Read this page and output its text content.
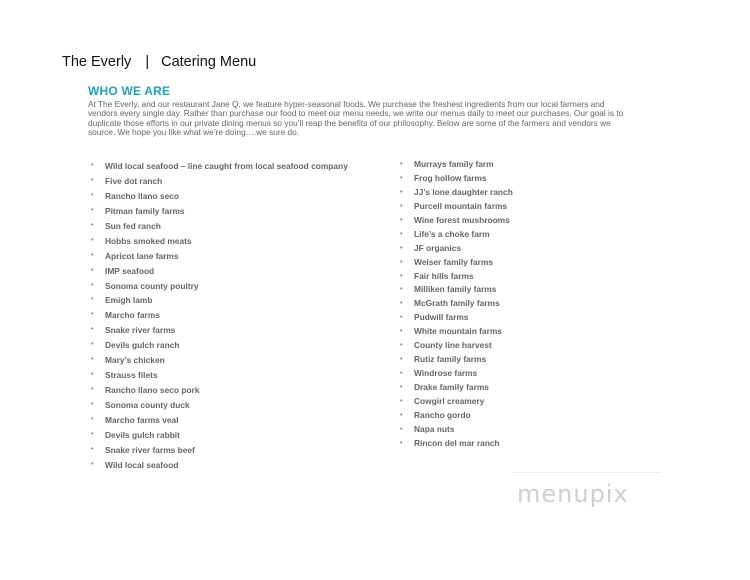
The Everly | Catering Menu
WHO WE ARE
At The Everly, and our restaurant Jane Q, we feature hyper-seasonal foods. We purchase the freshest ingredients from our local farmers and vendors every single day. Rather than purchase our food to meet our menu needs, we write our menus daily to meet our purchases. Our goal is to duplicate those efforts in our private dining menus so you’ll reap the benefits of our philosophy. Below are some of the farmers and vendors we source. We hope you like what we’re doing….we sure do.
• Wild local seafood – line caught from local seafood company
• Five dot ranch
• Rancho llano seco
• Pitman family farms
• Sun fed ranch
• Hobbs smoked meats
• Apricot lane farms
• IMP seafood
• Sonoma county poultry
• Emigh lamb
• Marcho farms
• Snake river farms
• Devils gulch ranch
• Mary’s chicken
• Strauss filets
• Rancho llano seco pork
• Sonoma county duck
• Marcho farms veal
• Devils gulch rabbit
• Snake river farms beef
• Wild local seafood
• Murrays family farm
• Frog hollow farms
• JJ’s lone daughter ranch
• Purcell mountain farms
• Wine forest mushrooms
• Life’s a choke farm
• JF organics
• Weiser family farms
• Fair hills farms
• Milliken family farms
• McGrath family farms
• Pudwill farms
• White mountain farms
• County line harvest
• Rutiz family farms
• Windrose farms
• Drake family farms
• Cowgirl creamery
• Rancho gordo
• Napa nuts
• Rincon del mar ranch
menupix
